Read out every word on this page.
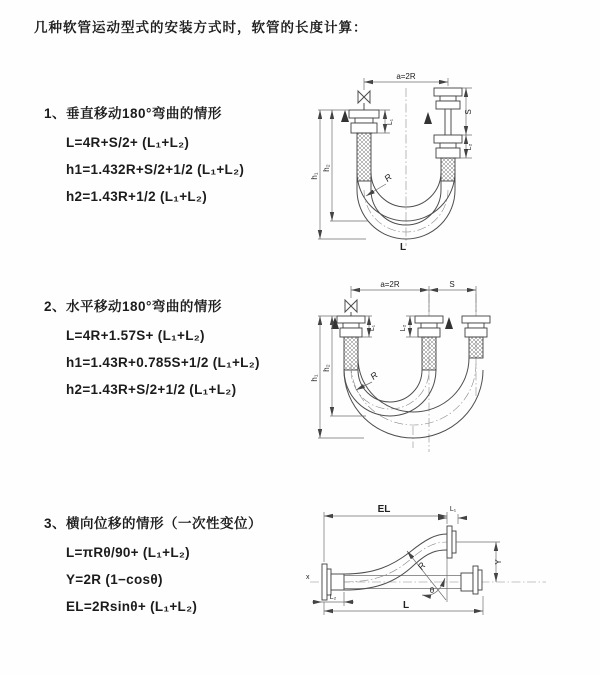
几种软管运动型式的安装方式时，软管的长度计算：
1、垂直移动180°弯曲的情形
L=4R+S/2+ (L₁+L₂)
h1=1.432R+S/2+1/2 (L₁+L₂)
h2=1.43R+1/2 (L₁+L₂)
a=2R
R
h₁
h₂
L₁
S
L₂
L
2、水平移动180°弯曲的情形
L=4R+1.57S+ (L₁+L₂)
h1=1.43R+0.785S+1/2 (L₁+L₂)
h2=1.43R+S/2+1/2 (L₁+L₂)
a=2R	S
R
h₁
h₂
L₁	L₂
3、横向位移的情形（一次性变位）
L=πRθ/90+ (L₁+L₂)
Y=2R (1−cosθ)
EL=2Rsinθ+ (L₁+L₂)
x
R
θ
EL	L₁
Y
L₂
L
